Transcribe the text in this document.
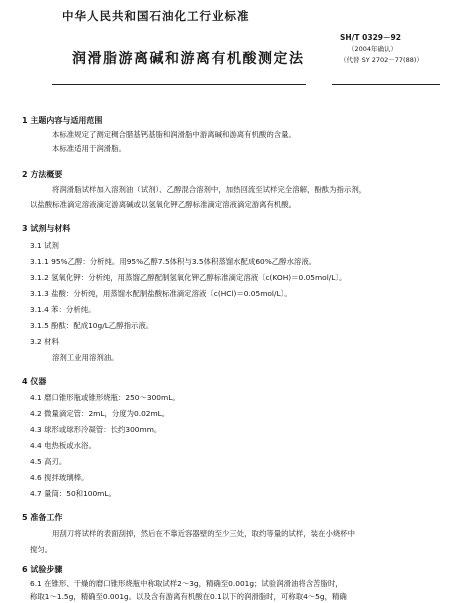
中华人民共和国石油化工行业标准
SH/T 0329－92
（2004年确认）
润滑脂游离碱和游离有机酸测定法	（代替 SY 2702－77(88)）
1 主题内容与适用范围
本标准规定了测定稠合腊基钙基脂和润滑脂中游离碱和游离有机酸的含量。
本标准适用于润滑脂。
2 方法概要
将润滑脂试样加入溶剂油（试剂）、乙醇混合溶剂中，加热回流至试样完全溶解，酚酞为指示剂，
以盐酸标准滴定溶液滴定游离碱或以氢氧化钾乙醇标准滴定溶液滴定游离有机酸。
3 试剂与材料
3.1 试剂
3.1.1 95%乙醇：分析纯。用95%乙醇7.5体积与3.5体积蒸馏水配成60%乙醇水溶液。
3.1.2 氢氧化钾：分析纯，用蒸馏乙醇配制氢氧化钾乙醇标准滴定溶液〔c(KOH)＝0.05mol/L〕。
3.1.3 盐酸：分析纯，用蒸馏水配制盐酸标准滴定溶液〔c(HCl)＝0.05mol/L〕。
3.1.4 苯：分析纯。
3.1.5 酚酞：配成10g/L乙醇指示液。
3.2 材料
溶剂工业用溶剂油。
4 仪器
4.1 磨口锥形瓶或锥形烧瓶：250～300mL。
4.2 微量滴定管：2mL，分度为0.02mL。
4.3 球形或球形冷凝管：长约300mm。
4.4 电热板或水浴。
4.5 高刃。
4.6 搅拌玻璃棒。
4.7 量筒：50和100mL。
5 准备工作
用刮刀将试样的表面刮掉，然后在不靠近容器壁的至少三处，取约等量的试样，装在小烧杯中
搅匀。
6 试验步骤
6.1 在锥形、干燥的磨口锥形烧瓶中称取试样2～3g，精确至0.001g；试验润滑油将含苦脂时，
称取1～1.5g，精确至0.001g。以及含有游离有机酸在0.1以下的润滑脂时，可称取4～5g，精确
